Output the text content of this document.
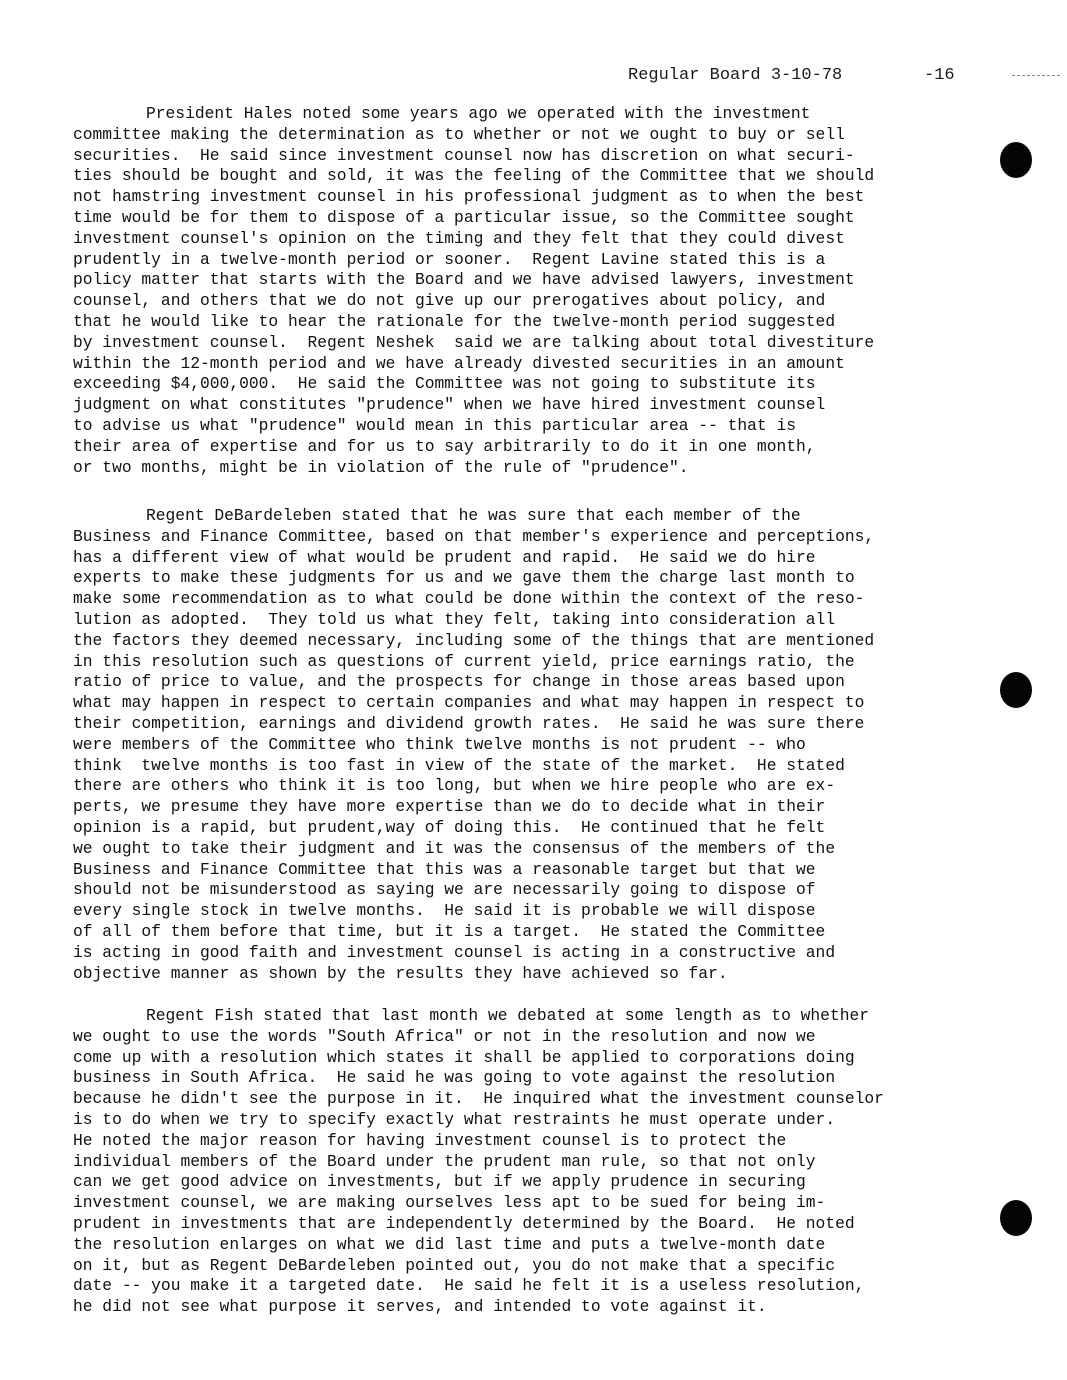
Regular Board 3-10-78	-16
President Hales noted some years ago we operated with the investment
committee making the determination as to whether or not we ought to buy or sell
securities.  He said since investment counsel now has discretion on what securi-
ties should be bought and sold, it was the feeling of the Committee that we should
not hamstring investment counsel in his professional judgment as to when the best
time would be for them to dispose of a particular issue, so the Committee sought
investment counsel's opinion on the timing and they felt that they could divest
prudently in a twelve-month period or sooner.  Regent Lavine stated this is a
policy matter that starts with the Board and we have advised lawyers, investment
counsel, and others that we do not give up our prerogatives about policy, and
that he would like to hear the rationale for the twelve-month period suggested
by investment counsel.  Regent Neshek  said we are talking about total divestiture
within the 12-month period and we have already divested securities in an amount
exceeding $4,000,000.  He said the Committee was not going to substitute its
judgment on what constitutes "prudence" when we have hired investment counsel
to advise us what "prudence" would mean in this particular area -- that is
their area of expertise and for us to say arbitrarily to do it in one month,
or two months, might be in violation of the rule of "prudence".
Regent DeBardeleben stated that he was sure that each member of the
Business and Finance Committee, based on that member's experience and perceptions,
has a different view of what would be prudent and rapid.  He said we do hire
experts to make these judgments for us and we gave them the charge last month to
make some recommendation as to what could be done within the context of the reso-
lution as adopted.  They told us what they felt, taking into consideration all
the factors they deemed necessary, including some of the things that are mentioned
in this resolution such as questions of current yield, price earnings ratio, the
ratio of price to value, and the prospects for change in those areas based upon
what may happen in respect to certain companies and what may happen in respect to
their competition, earnings and dividend growth rates.  He said he was sure there
were members of the Committee who think twelve months is not prudent -- who
think  twelve months is too fast in view of the state of the market.  He stated
there are others who think it is too long, but when we hire people who are ex-
perts, we presume they have more expertise than we do to decide what in their
opinion is a rapid, but prudent,way of doing this.  He continued that he felt
we ought to take their judgment and it was the consensus of the members of the
Business and Finance Committee that this was a reasonable target but that we
should not be misunderstood as saying we are necessarily going to dispose of
every single stock in twelve months.  He said it is probable we will dispose
of all of them before that time, but it is a target.  He stated the Committee
is acting in good faith and investment counsel is acting in a constructive and
objective manner as shown by the results they have achieved so far.
Regent Fish stated that last month we debated at some length as to whether
we ought to use the words "South Africa" or not in the resolution and now we
come up with a resolution which states it shall be applied to corporations doing
business in South Africa.  He said he was going to vote against the resolution
because he didn't see the purpose in it.  He inquired what the investment counselor
is to do when we try to specify exactly what restraints he must operate under.
He noted the major reason for having investment counsel is to protect the
individual members of the Board under the prudent man rule, so that not only
can we get good advice on investments, but if we apply prudence in securing
investment counsel, we are making ourselves less apt to be sued for being im-
prudent in investments that are independently determined by the Board.  He noted
the resolution enlarges on what we did last time and puts a twelve-month date
on it, but as Regent DeBardeleben pointed out, you do not make that a specific
date -- you make it a targeted date.  He said he felt it is a useless resolution,
he did not see what purpose it serves, and intended to vote against it.
